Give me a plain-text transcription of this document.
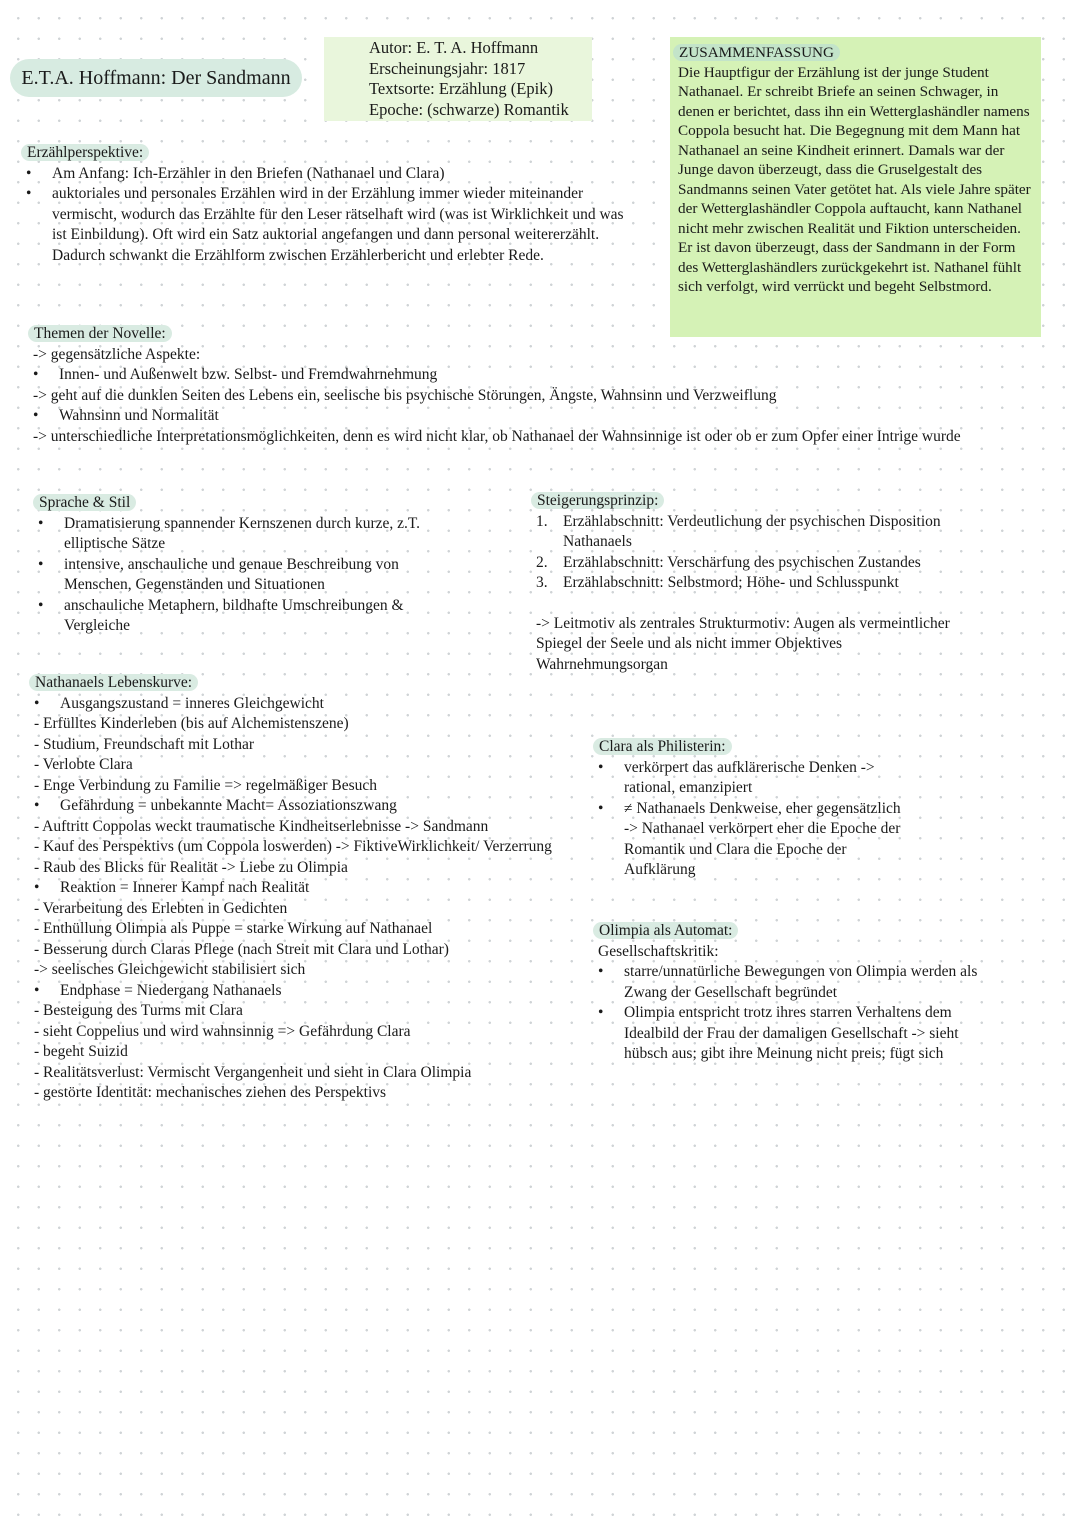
E.T.A. Hoffmann: Der Sandmann
Autor: E. T. A. Hoffmann
Erscheinungsjahr: 1817
Textsorte: Erzählung (Epik)
Epoche: (schwarze) Romantik
ZUSAMMENFASSUNG
Die Hauptfigur der Erzählung ist der junge Student Nathanael. Er schreibt Briefe an seinen Schwager, in denen er berichtet, dass ihn ein Wetterglashändler namens Coppola besucht hat. Die Begegnung mit dem Mann hat Nathanael an seine Kindheit erinnert. Damals war der Junge davon überzeugt, dass die Gruselgestalt des Sandmanns seinen Vater getötet hat. Als viele Jahre später der Wetterglashändler Coppola auftaucht, kann Nathanel nicht mehr zwischen Realität und Fiktion unterscheiden. Er ist davon überzeugt, dass der Sandmann in der Form des Wetterglashändlers zurückgekehrt ist. Nathanel fühlt sich verfolgt, wird verrückt und begeht Selbstmord.
Erzählperspektive:
• Am Anfang: Ich-Erzähler in den Briefen (Nathanael und Clara)
• auktoriales und personales Erzählen wird in der Erzählung immer wieder miteinander vermischt, wodurch das Erzählte für den Leser rätselhaft wird (was ist Wirklichkeit und was ist Einbildung). Oft wird ein Satz auktorial angefangen und dann personal weitererzählt. Dadurch schwankt die Erzählform zwischen Erzählerbericht und erlebter Rede.
Themen der Novelle:
-> gegensätzliche Aspekte:
• Innen- und Außenwelt bzw. Selbst- und Fremdwahrnehmung
-> geht auf die dunklen Seiten des Lebens ein, seelische bis psychische Störungen, Ängste, Wahnsinn und Verzweiflung
• Wahnsinn und Normalität
-> unterschiedliche Interpretationsmöglichkeiten, denn es wird nicht klar, ob Nathanael der Wahnsinnige ist oder ob er zum Opfer einer Intrige wurde
Sprache & Stil
• Dramatisierung spannender Kernszenen durch kurze, z.T. elliptische Sätze
• intensive, anschauliche und genaue Beschreibung von Menschen, Gegenständen und Situationen
• anschauliche Metaphern, bildhafte Umschreibungen & Vergleiche
Steigerungsprinzip:
1. Erzählabschnitt: Verdeutlichung der psychischen Disposition Nathanaels
2. Erzählabschnitt: Verschärfung des psychischen Zustandes
3. Erzählabschnitt: Selbstmord; Höhe- und Schlusspunkt
-> Leitmotiv als zentrales Strukturmotiv: Augen als vermeintlicher Spiegel der Seele und als nicht immer Objektives Wahrnehmungsorgan
Nathanaels Lebenskurve:
• Ausgangszustand = inneres Gleichgewicht
- Erfülltes Kinderleben (bis auf Alchemistenszene)
- Studium, Freundschaft mit Lothar
- Verlobte Clara
- Enge Verbindung zu Familie => regelmäßiger Besuch
• Gefährdung = unbekannte Macht= Assoziationszwang
- Auftritt Coppolas weckt traumatische Kindheitserlebnisse -> Sandmann
- Kauf des Perspektivs (um Coppola loswerden) -> FiktiveWirklichkeit/ Verzerrung
- Raub des Blicks für Realität -> Liebe zu Olimpia
• Reaktion = Innerer Kampf nach Realität
- Verarbeitung des Erlebten in Gedichten
- Enthüllung Olimpia als Puppe = starke Wirkung auf Nathanael
- Besserung durch Claras Pflege (nach Streit mit Clara und Lothar)
-> seelisches Gleichgewicht stabilisiert sich
• Endphase = Niedergang Nathanaels
- Besteigung des Turms mit Clara
- sieht Coppelius und wird wahnsinnig => Gefährdung Clara
- begeht Suizid
- Realitätsverlust: Vermischt Vergangenheit und sieht in Clara Olimpia
- gestörte Identität: mechanisches ziehen des Perspektivs
Clara als Philisterin:
• verkörpert das aufklärerische Denken -> rational, emanzipiert
• ≠ Nathanaels Denkweise, eher gegensätzlich -> Nathanael verkörpert eher die Epoche der Romantik und Clara die Epoche der Aufklärung
Olimpia als Automat:
Gesellschaftskritik:
• starre/unnatürliche Bewegungen von Olimpia werden als Zwang der Gesellschaft begründet
• Olimpia entspricht trotz ihres starren Verhaltens dem Idealbild der Frau der damaligen Gesellschaft -> sieht hübsch aus; gibt ihre Meinung nicht preis; fügt sich
